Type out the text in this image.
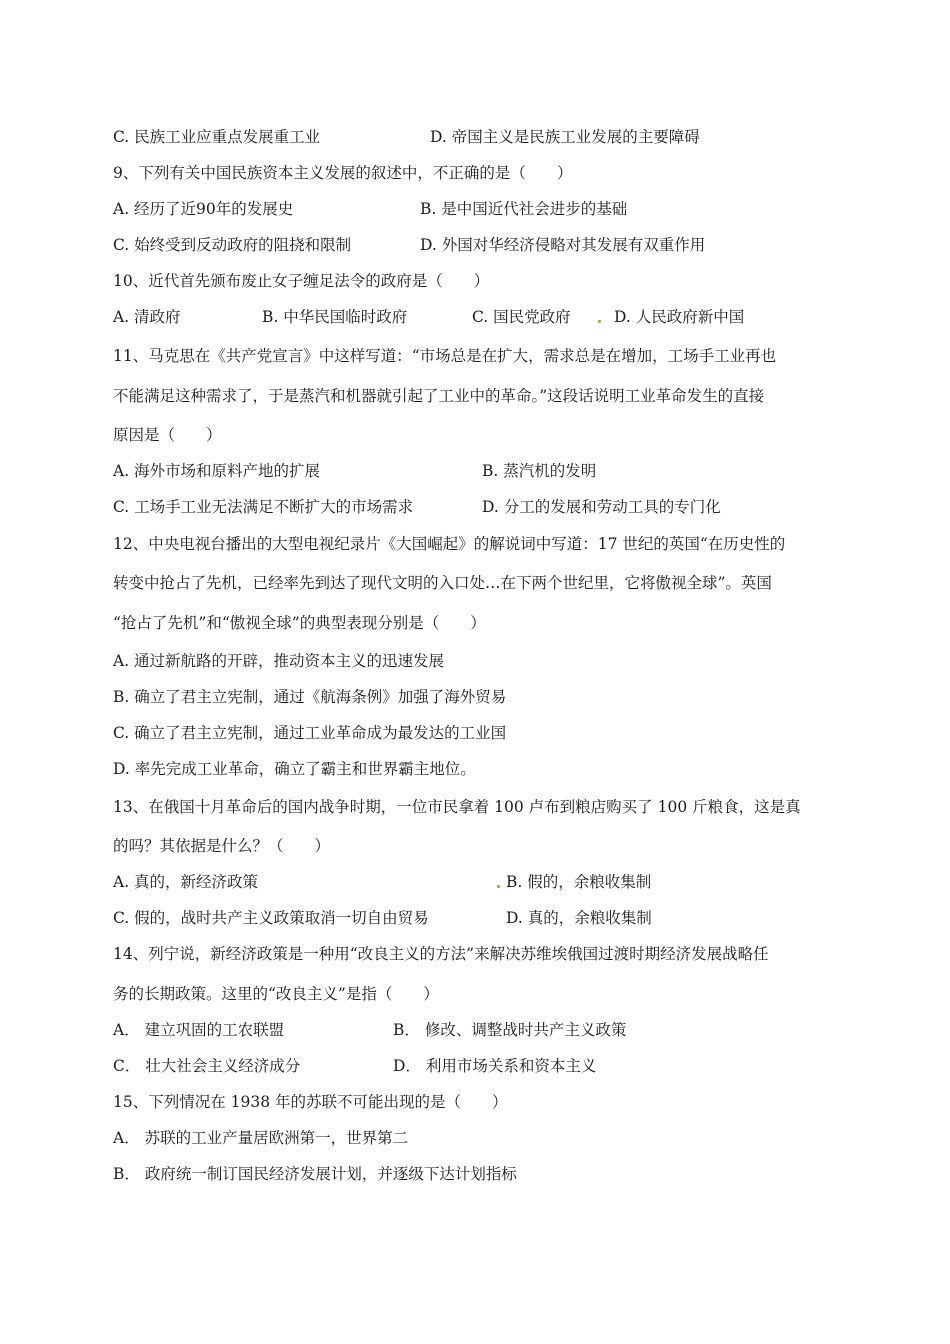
C. 民族工业应重点发展重工业	D. 帝国主义是民族工业发展的主要障碍
9、下列有关中国民族资本主义发展的叙述中，不正确的是（　　）
A. 经历了近90年的发展史	B. 是中国近代社会进步的基础
C. 始终受到反动政府的阻挠和限制	D. 外国对华经济侵略对其发展有双重作用
10、近代首先颁布废止女子缠足法令的政府是（　　）
A. 清政府	B. 中华民国临时政府	C. 国民党政府	D. 人民政府新中国
11、马克思在《共产党宣言》中这样写道：“市场总是在扩大，需求总是在增加，工场手工业再也
不能满足这种需求了，于是蒸汽和机器就引起了工业中的革命。”这段话说明工业革命发生的直接
原因是（　　）
A. 海外市场和原料产地的扩展	B. 蒸汽机的发明
C. 工场手工业无法满足不断扩大的市场需求	D. 分工的发展和劳动工具的专门化
12、中央电视台播出的大型电视纪录片《大国崛起》的解说词中写道：17 世纪的英国“在历史性的
转变中抢占了先机，已经率先到达了现代文明的入口处…在下两个世纪里，它将傲视全球”。英国
“抢占了先机”和“傲视全球”的典型表现分别是（　　）
A. 通过新航路的开辟，推动资本主义的迅速发展
B. 确立了君主立宪制，通过《航海条例》加强了海外贸易
C. 确立了君主立宪制，通过工业革命成为最发达的工业国
D. 率先完成工业革命，确立了霸主和世界霸主地位。
13、在俄国十月革命后的国内战争时期，一位市民拿着 100 卢布到粮店购买了 100 斤粮食，这是真
的吗？其依据是什么？（　　）
A. 真的，新经济政策	B. 假的，余粮收集制
C. 假的，战时共产主义政策取消一切自由贸易	D. 真的，余粮收集制
14、列宁说，新经济政策是一种用“改良主义的方法”来解决苏维埃俄国过渡时期经济发展战略任
务的长期政策。这里的“改良主义”是指（　　）
A． 建立巩固的工农联盟	B． 修改、调整战时共产主义政策
C． 壮大社会主义经济成分	D． 利用市场关系和资本主义
15、下列情况在 1938 年的苏联不可能出现的是（　　）
A． 苏联的工业产量居欧洲第一，世界第二
B． 政府统一制订国民经济发展计划，并逐级下达计划指标
